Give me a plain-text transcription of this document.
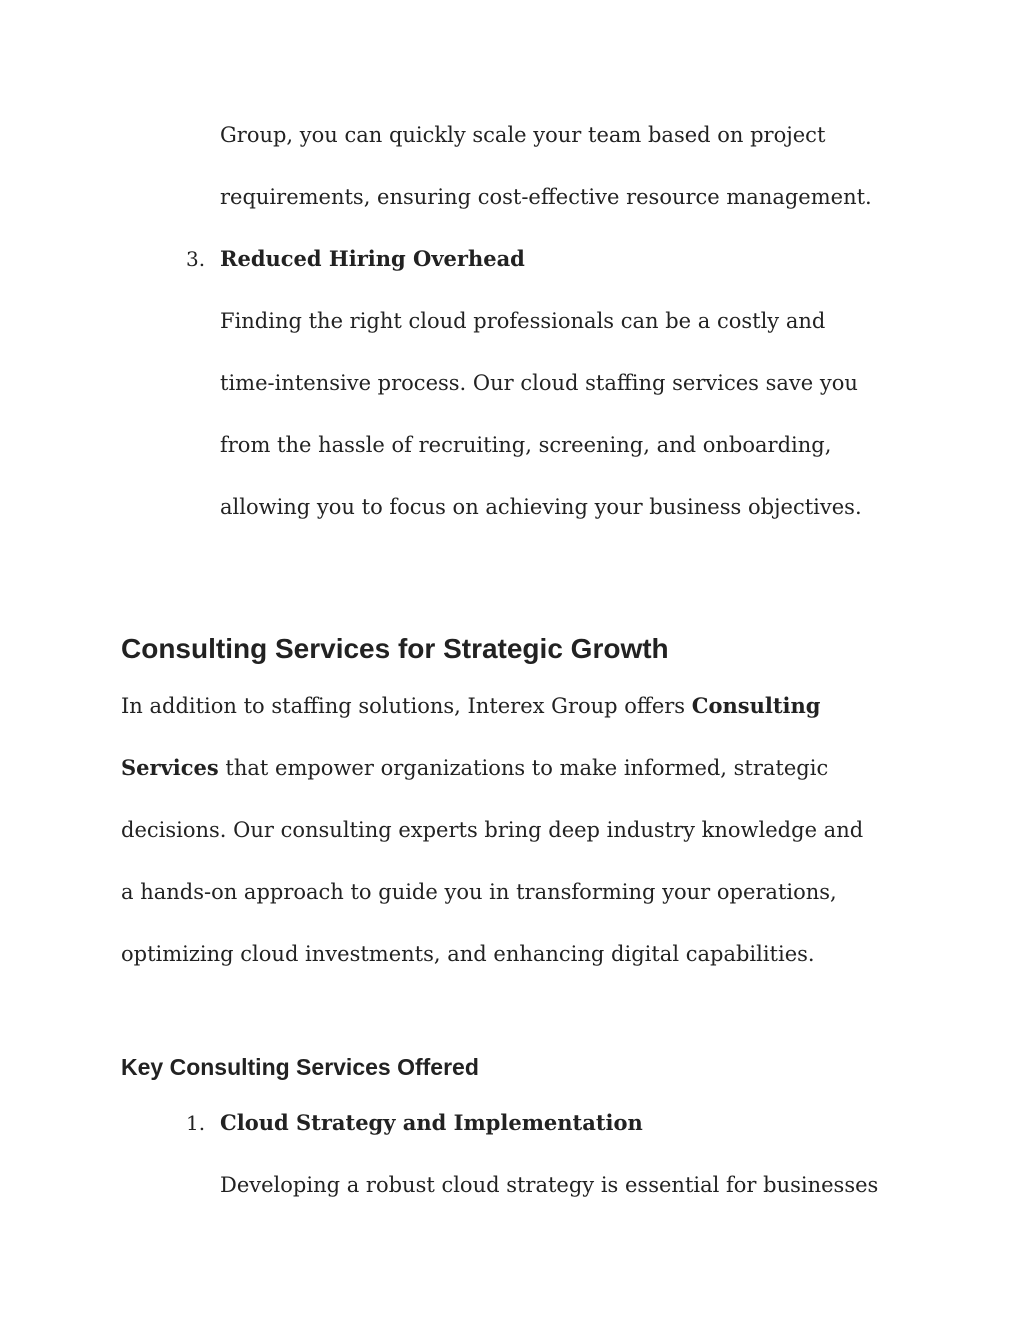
Group, you can quickly scale your team based on project
requirements, ensuring cost-effective resource management.
3. Reduced Hiring Overhead
Finding the right cloud professionals can be a costly and
time-intensive process. Our cloud staffing services save you
from the hassle of recruiting, screening, and onboarding,
allowing you to focus on achieving your business objectives.
Consulting Services for Strategic Growth
In addition to staffing solutions, Interex Group offers Consulting
Services that empower organizations to make informed, strategic
decisions. Our consulting experts bring deep industry knowledge and
a hands-on approach to guide you in transforming your operations,
optimizing cloud investments, and enhancing digital capabilities.
Key Consulting Services Offered
1. Cloud Strategy and Implementation
Developing a robust cloud strategy is essential for businesses
